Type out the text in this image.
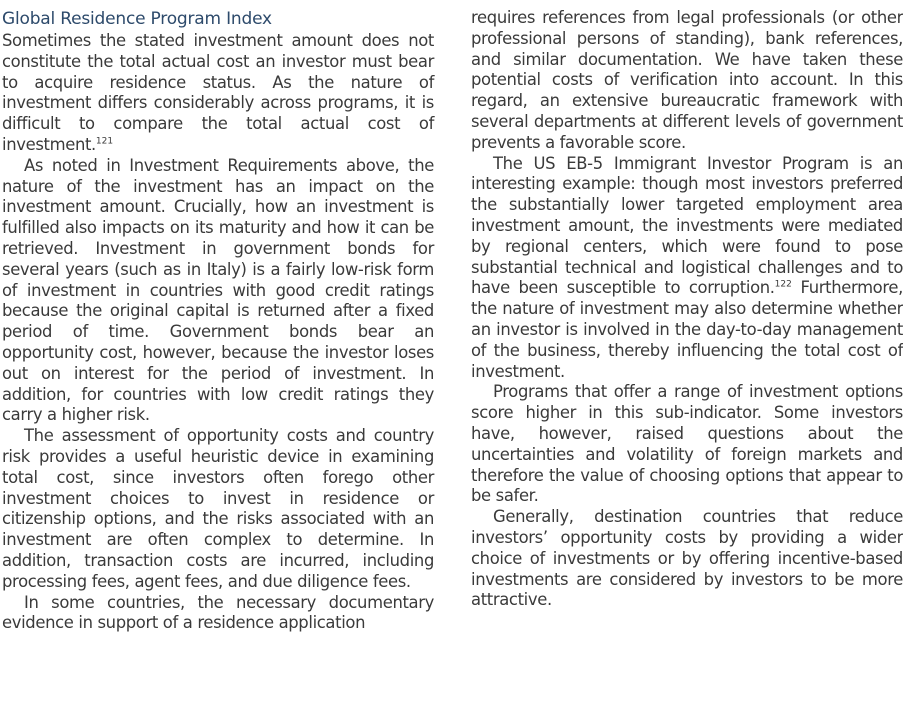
Global Residence Program Index

Sometimes the stated investment amount does not constitute the total actual cost an investor must bear to acquire residence status. As the nature of investment differs considerably across programs, it is difficult to compare the total actual cost of investment.$^{121}$

As noted in Investment Requirements above, the nature of the investment has an impact on the investment amount. Crucially, how an investment is fulfilled also impacts on its maturity and how it can be retrieved. Investment in government bonds for several years (such as in Italy) is a fairly low-risk form of investment in countries with good credit ratings because the original capital is returned after a fixed period of time. Government bonds bear an opportunity cost, however, because the investor loses out on interest for the period of investment. In addition, for countries with low credit ratings they carry a higher risk.

The assessment of opportunity costs and country risk provides a useful heuristic device in examining total cost, since investors often forego other investment choices to invest in residence or citizenship options, and the risks associated with an investment are often complex to determine. In addition, transaction costs are incurred, including processing fees, agent fees, and due diligence fees.

In some countries, the necessary documentary evidence in support of a residence application

requires references from legal professionals (or other professional persons of standing), bank references, and similar documentation. We have taken these potential costs of verification into account. In this regard, an extensive bureaucratic framework with several departments at different levels of government prevents a favorable score.

The US EB-5 Immigrant Investor Program is an interesting example: though most investors preferred the substantially lower targeted employment area investment amount, the investments were mediated by regional centers, which were found to pose substantial technical and logistical challenges and to have been susceptible to corruption.$^{122}$ Furthermore, the nature of investment may also determine whether an investor is involved in the day-to-day management of the business, thereby influencing the total cost of investment.

Programs that offer a range of investment options score higher in this sub-indicator. Some investors have, however, raised questions about the uncertainties and volatility of foreign markets and therefore the value of choosing options that appear to be safer.

Generally, destination countries that reduce investors’ opportunity costs by providing a wider choice of investments or by offering incentive-based investments are considered by investors to be more attractive.
